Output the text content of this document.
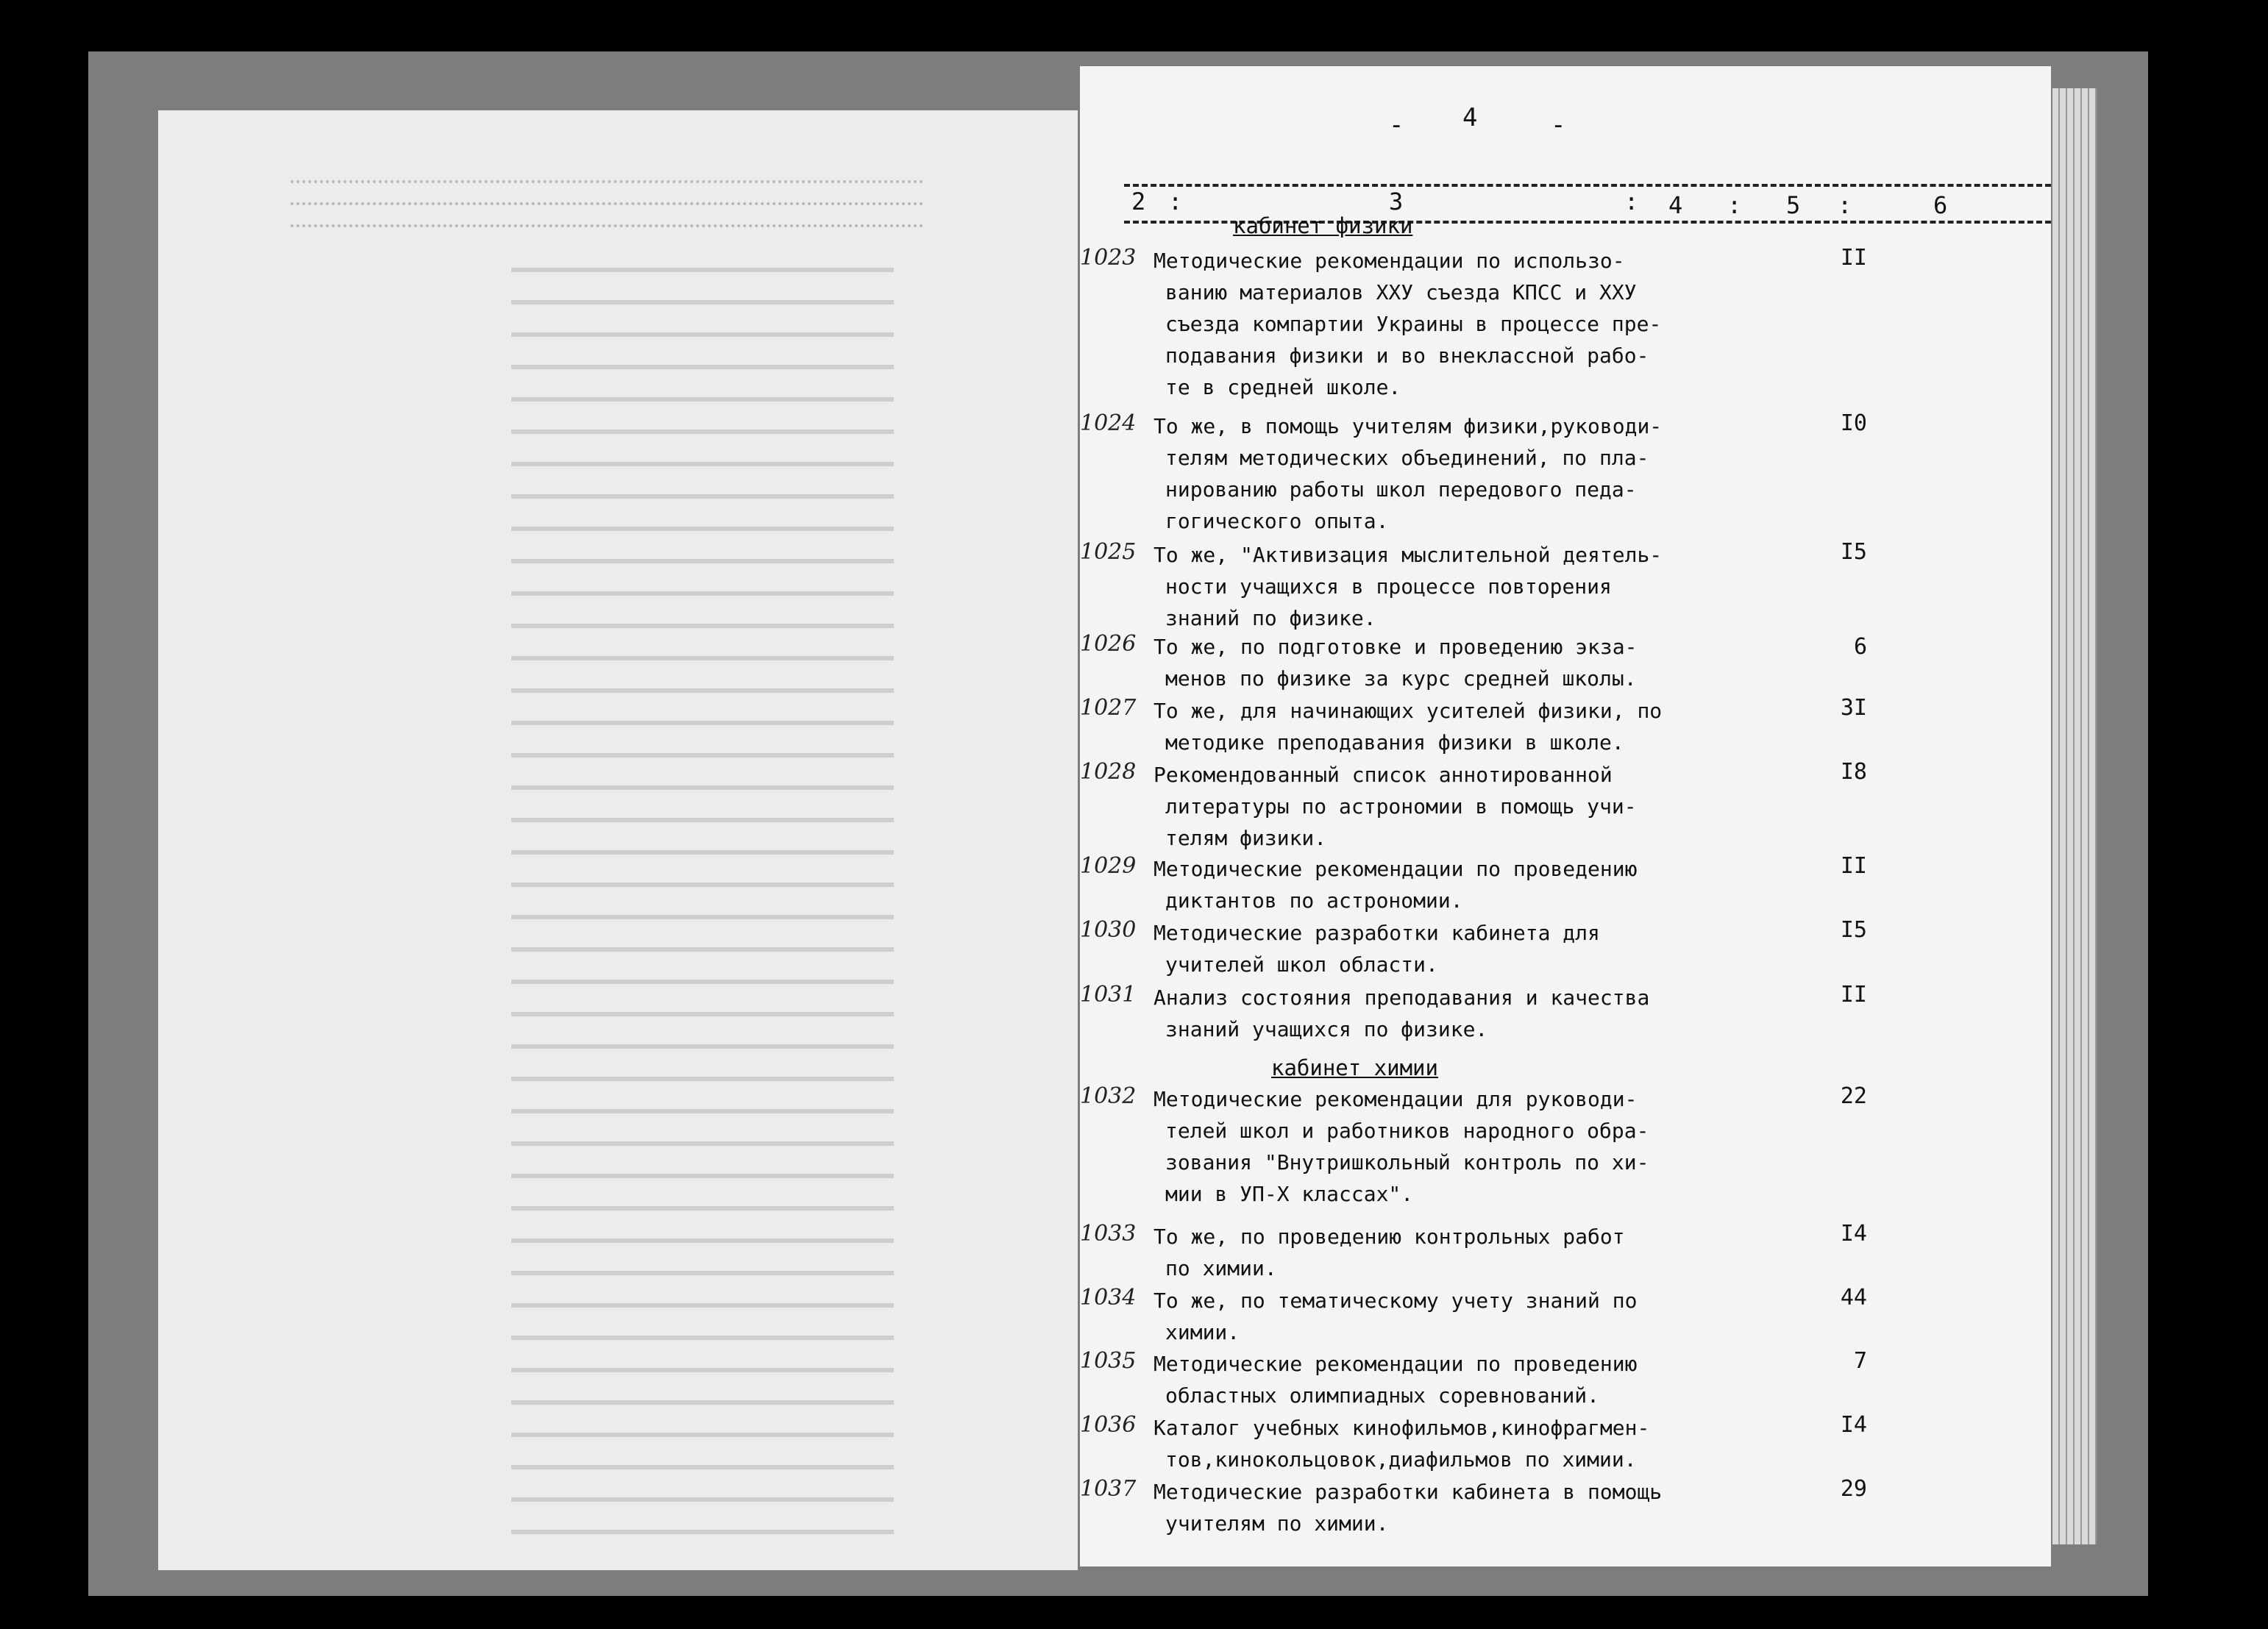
- 4	-
2 :	3	: 4 : 5 :	6
кабинет физики
кабинет химии
1023 Методические рекомендации по использо-
ванию материалов XXУ съезда КПСС и XXУ
съезда компартии Украины в процессе пре-
подавания физики и во внеклассной рабо-
те в средней школе.
II
1024 То же, в помощь учителям физики,руководи-
телям методических объединений, по пла-
нированию работы школ передового педа-
гогического опыта.
I0
1025 То же, "Активизация мыслительной деятель-
ности учащихся в процессе повторения
знаний по физике.
I5
1026 То же, по подготовке и проведению экза-
менов по физике за курс средней школы.
6
1027 То же, для начинающих усителей физики, по
методике преподавания физики в школе.
3I
1028 Рекомендованный список аннотированной
литературы по астрономии в помощь учи-
телям физики.
I8
1029 Методические рекомендации по проведению
диктантов по астрономии.
II
1030 Методические разработки кабинета для
учителей школ области.
I5
1031 Анализ состояния преподавания и качества
знаний учащихся по физике.
II
1032 Методические рекомендации для руководи-
телей школ и работников народного обра-
зования "Внутришкольный контроль по хи-
мии в УП-X классах".
22
1033 То же, по проведению контрольных работ
по химии.
I4
1034 То же, по тематическому учету знаний по
химии.
44
1035 Методические рекомендации по проведению
областных олимпиадных соревнований.
7
1036 Каталог учебных кинофильмов,кинофрагмен-
тов,кинокольцовок,диафильмов по химии.
I4
1037 Методические разработки кабинета в помощь
учителям по химии.
29
